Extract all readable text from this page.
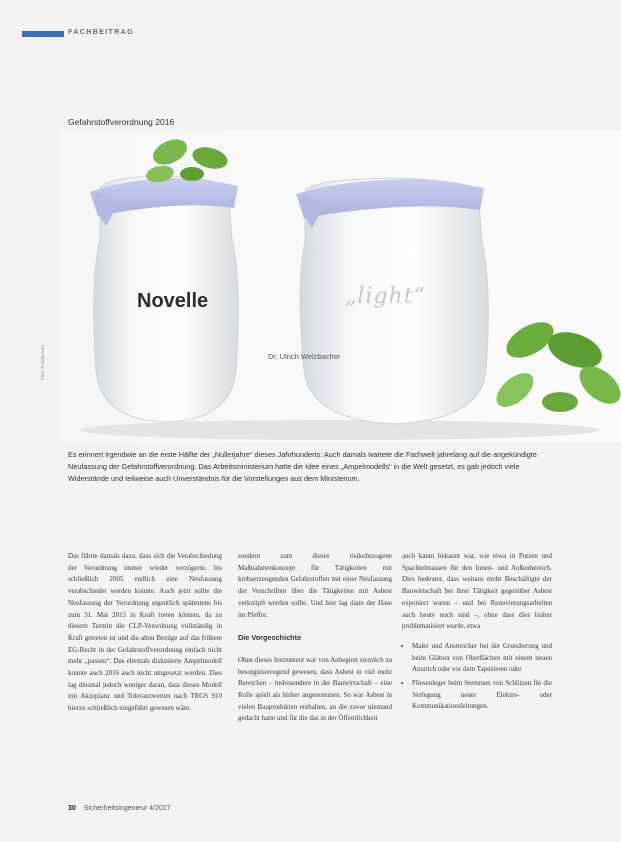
FACHBEITRAG
Gefahrstoffverordnung 2016
Foto: Fotolia.com
Novelle	„light“
Dr. Ulrich Welzbacher
Es erinnert irgendwie an die erste Hälfte der „Nullerjahre“ dieses Jahrhunderts: Auch damals wartete die Fachwelt jahrelang auf die angekündigte Neufassung der Gefahrstoffverordnung. Das Arbeitsministerium hatte die Idee eines „Ampelmodells“ in die Welt gesetzt, es gab jedoch viele Widerstände und teilweise auch Unverständnis für die Vorstellungen aus dem Ministerium.

Das führte damals dazu, dass sich die Verabschiedung der Verordnung immer wieder verzögerte, bis schließlich 2005 endlich eine Neufassung verabschiedet werden konnte. Auch jetzt sollte die Neufassung der Verordnung eigentlich spätestens bis zum 31. Mai 2015 in Kraft treten können, da zu diesem Termin die CLP-Verordnung vollständig in Kraft getreten ist und die alten Bezüge auf das frühere EG-Recht in der Gefahrstoffverordnung einfach nicht mehr „passen“. Das ehemals diskutierte Ampelmodell konnte auch 2016 auch nicht umgesetzt werden. Dies lag diesmal jedoch weniger daran, dass dieses Modell mit Akzeptanz und Toleranzwerten nach TRGS 910 hierzu schließlich eingeführt gewesen wäre,

sondern zum dieses risikobezogene Maßnahmenkonzept für Tätigkeiten mit krebserzeugenden Gefahrstoffen mit einer Neufassung der Vorschriften über die Tätigkeiten mit Asbest verknüpft werden sollte. Und hier lag dann der Hase im Pfeffer.

Die Vorgeschichte

Ohne dieses Instrument war von Anbeginn ziemlich zu besorgniserregend gewesen, dass Asbest in viel mehr Bereichen – insbesondere in der Bauwirtschaft – eine Rolle spielt als bisher angenommen. So war Asbest in vielen Bauprodukten enthalten, an die zuvor niemand gedacht hatte und für die das in der Öffentlichkeit

auch kaum bekannt war, wie etwa in Putzen und Spachtelmassen für den Innen- und Außenbereich. Dies bedeutet, dass weitaus mehr Beschäftigte der Bauwirtschaft bei ihrer Tätigkeit gegenüber Asbest exponiert waren – und bei Renovierungsarbeiten auch heute noch sind –, ohne dass dies bisher problematisiert wurde, etwa

• Maler und Anstreicher bei der Grundierung und beim Glätten von Oberflächen mit einem neuen Anstrich oder vor dem Tapezieren oder
• Fliesenleger beim Stemmen von Schlitzen für die Verlegung neuer Elektro- oder Kommunikationsleitungen.
30 Sicherheitsingenieur 4/2017
